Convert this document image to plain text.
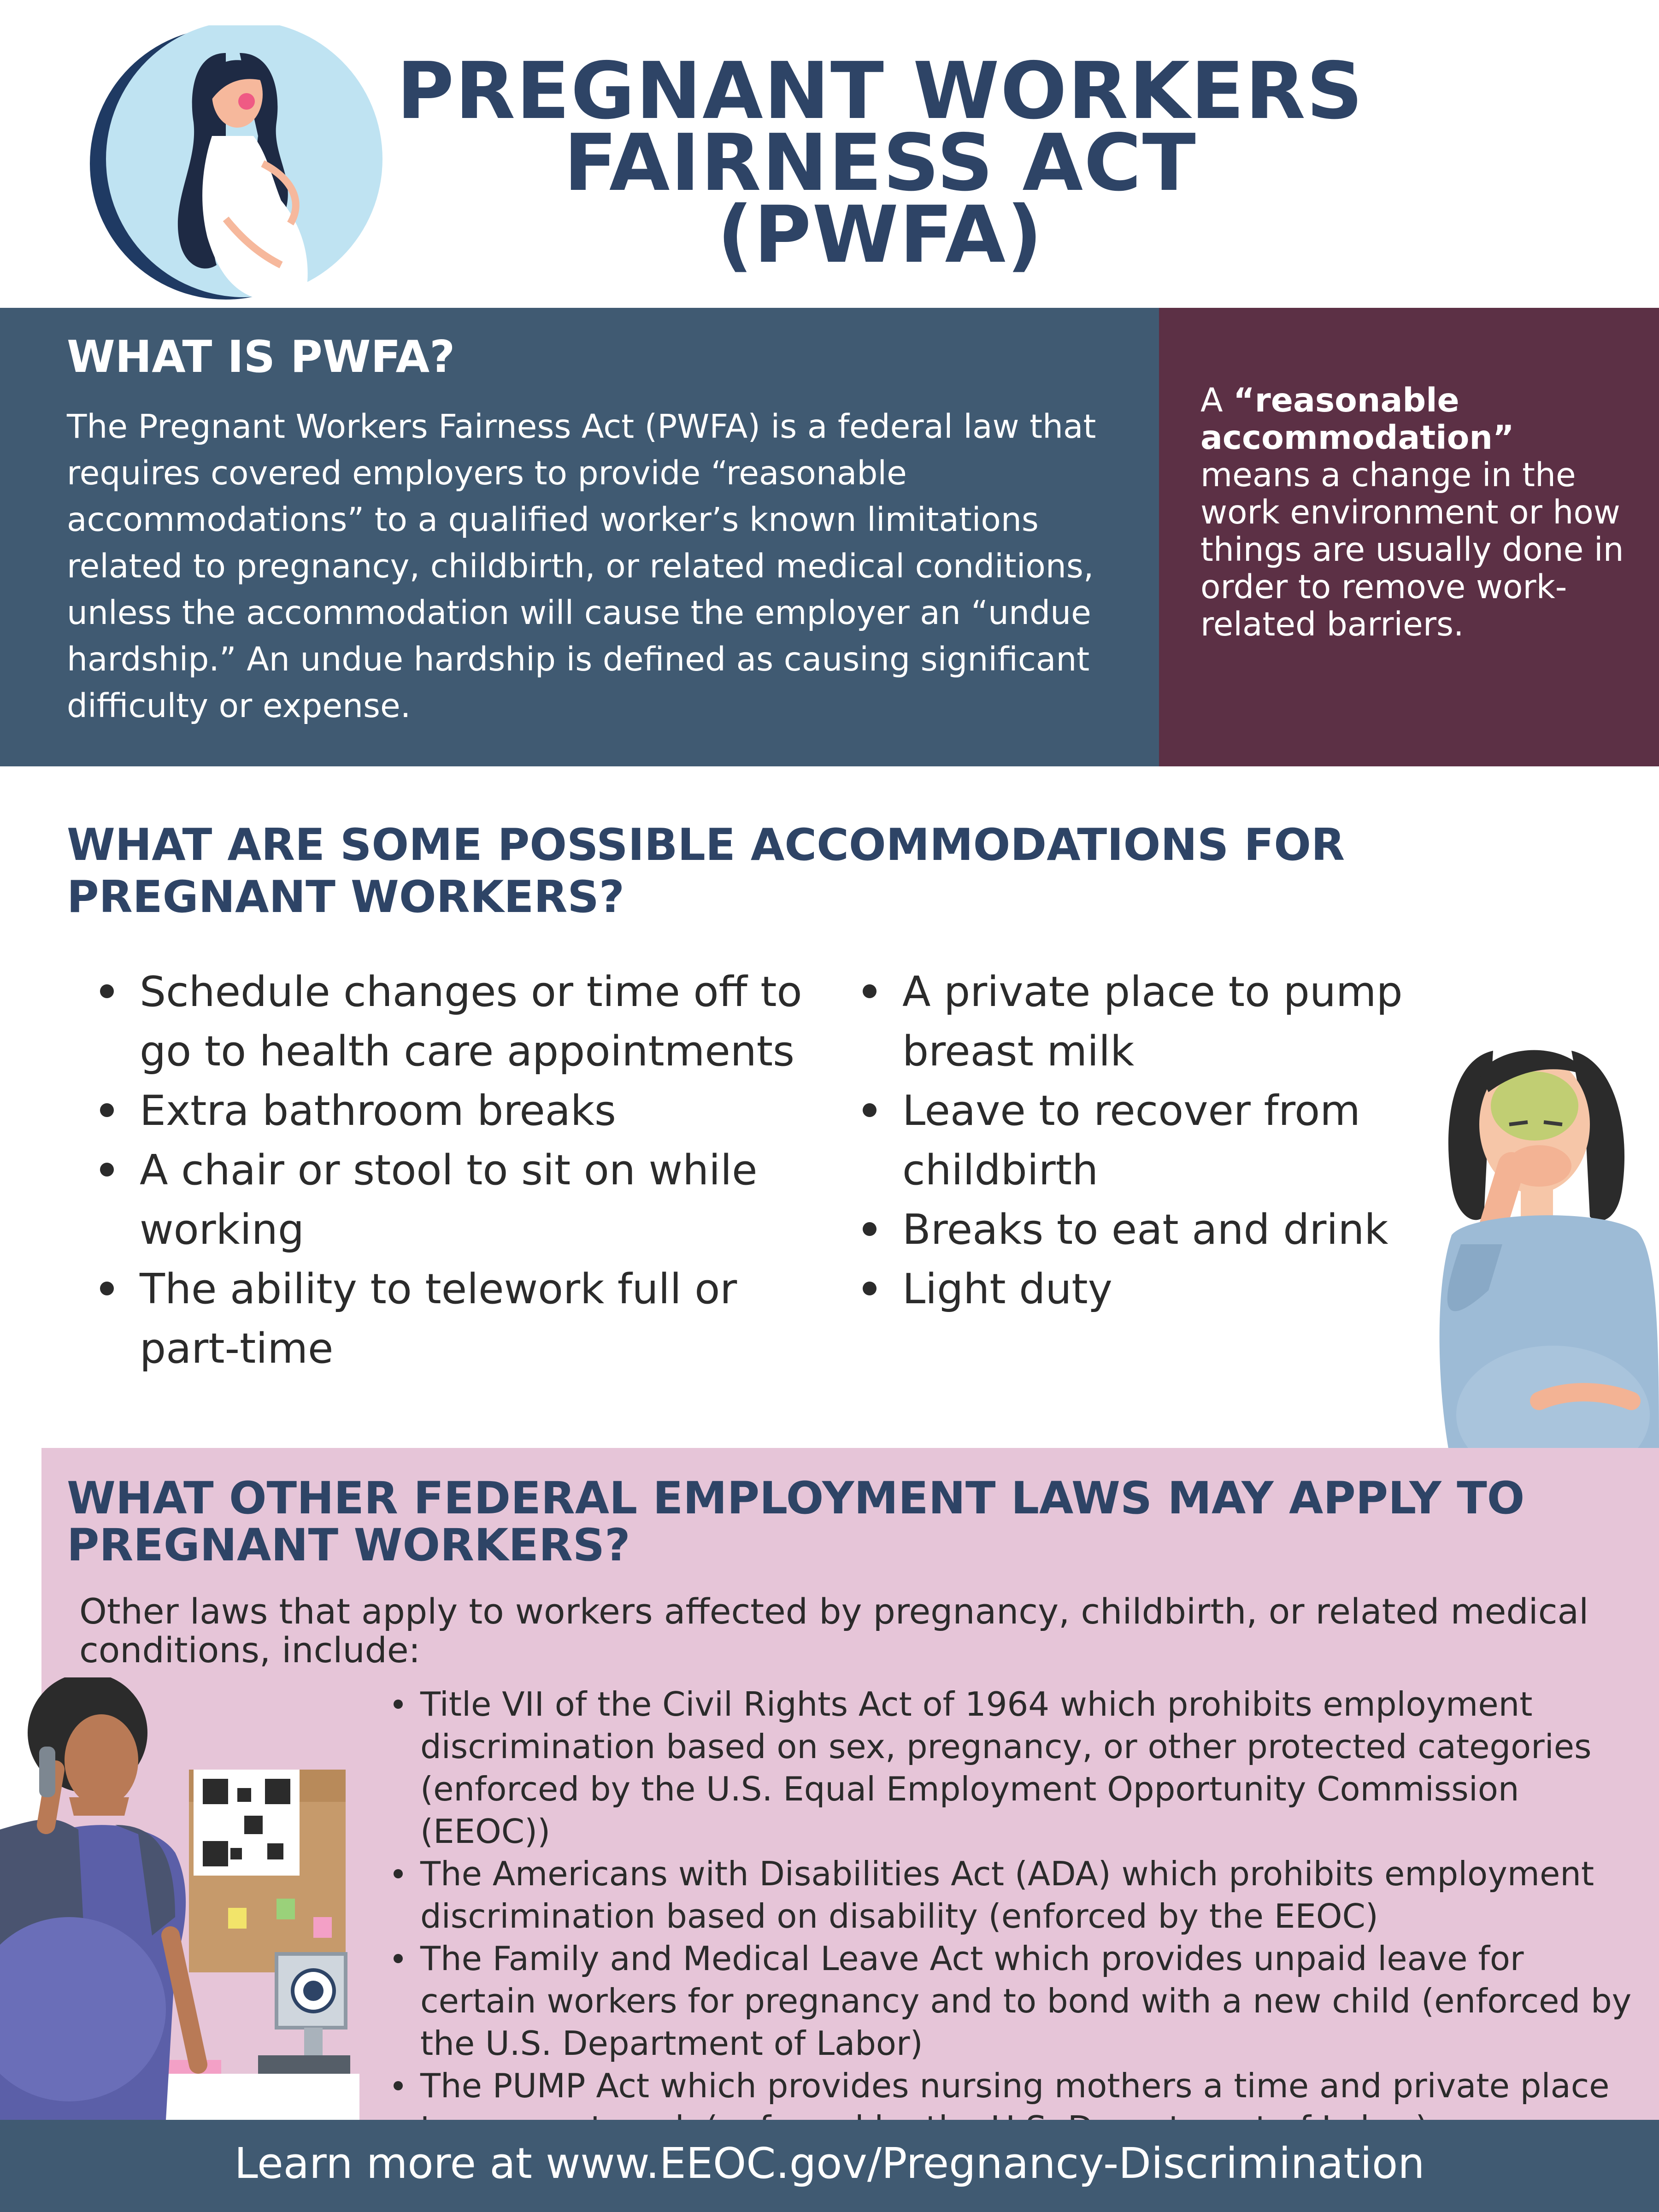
PREGNANT WORKERS
FAIRNESS ACT
(PWFA)
WHAT IS PWFA?
The Pregnant Workers Fairness Act (PWFA) is a federal law that requires covered employers to provide “reasonable accommodations” to a qualified worker’s known limitations related to pregnancy, childbirth, or related medical conditions, unless the accommodation will cause the employer an “undue hardship.” An undue hardship is defined as causing significant difficulty or expense.
A “reasonable accommodation” means a change in the work environment or how things are usually done in order to remove work-related barriers.
WHAT ARE SOME POSSIBLE ACCOMMODATIONS FOR PREGNANT WORKERS?
Schedule changes or time off to go to health care appointments
Extra bathroom breaks
A chair or stool to sit on while working
The ability to telework full or part-time
A private place to pump breast milk
Leave to recover from childbirth
Breaks to eat and drink
Light duty
WHAT OTHER FEDERAL EMPLOYMENT LAWS MAY APPLY TO PREGNANT WORKERS?
Other laws that apply to workers affected by pregnancy, childbirth, or related medical conditions, include:
Title VII of the Civil Rights Act of 1964 which prohibits employment discrimination based on sex, pregnancy, or other protected categories (enforced by the U.S. Equal Employment Opportunity Commission (EEOC))
The Americans with Disabilities Act (ADA) which prohibits employment discrimination based on disability (enforced by the EEOC)
The Family and Medical Leave Act which provides unpaid leave for certain workers for pregnancy and to bond with a new child (enforced by the U.S. Department of Labor)
The PUMP Act which provides nursing mothers a time and private place
Learn more at www.EEOC.gov/Pregnancy-Discrimination
